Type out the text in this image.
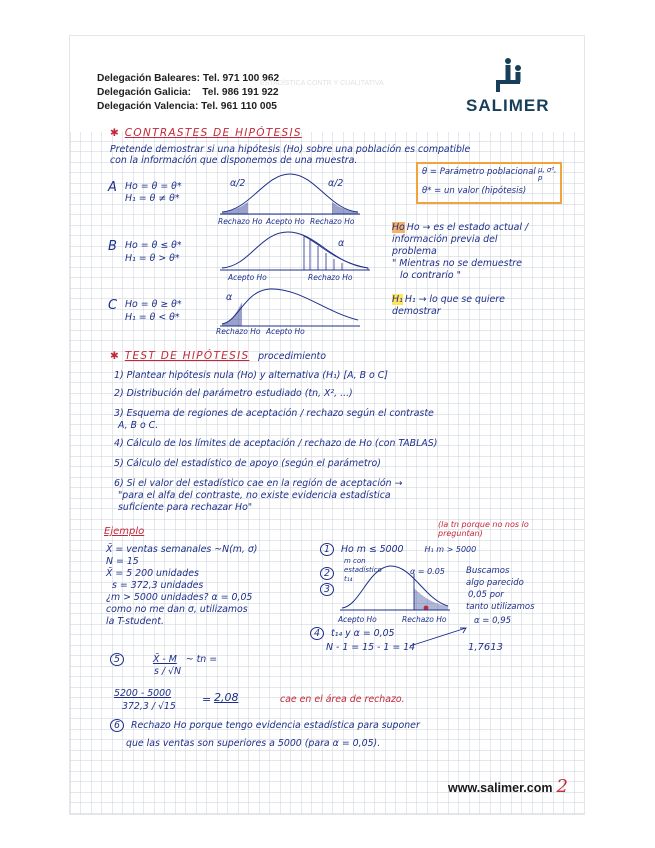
Delegación Baleares: Tel. 971 100 962
Delegación Galicia:    Tel. 986 191 922
Delegación Valencia: Tel. 961 110 005
ESTADÍSTICA CONTR Y CUALITATIVA
SALIMER
✱ CONTRASTES DE HIPÓTESIS
Pretende demostrar si una hipótesis (Ho) sobre una población es compatible
con la información que disponemos de una muestra.
θ = Parámetro poblacional μ, σ², p
θ* = un valor (hipótesis)
A Ho = θ = θ*
H₁ = θ ≠ θ*
α/2	α/2
Rechazo Ho Acepto Ho Rechazo Ho
Ho Ho → es el estado actual /
información previa del
problema
" Mientras no se demuestre
lo contrario "
B Ho = θ ≤ θ*
H₁ = θ > θ*
α
Acepto Ho	Rechazo Ho
H₁ H₁ → lo que se quiere
demostrar
C Ho = θ ≥ θ*
H₁ = θ < θ*
α
Rechazo Ho Acepto Ho
✱ TEST DE HIPÓTESIS procedimiento
1) Plantear hipótesis nula (Ho) y alternativa (H₁) [A, B o C]
2) Distribución del parámetro estudiado (tn, X², ...)
3) Esquema de regiones de aceptación / rechazo según el contraste
A, B o C.
4) Cálculo de los límites de aceptación / rechazo de Ho (con TABLAS)
5) Cálculo del estadístico de apoyo (según el parámetro)
6) Si el valor del estadístico cae en la región de aceptación →
"para el alfa del contraste, no existe evidencia estadística
suficiente para rechazar Ho"
Ejemplo
(la tn porque no nos lo preguntan)
X̄ = ventas semanales ~N(m, σ)
N = 15
X̄ = 5 200 unidades
s = 372,3 unidades
¿m > 5000 unidades? α = 0,05
como no me dan σ, utilizamos
la T-student.
1 Ho m ≤ 5000	H₁ m > 5000
2
3
m con
estadístico
t₁₄
α = 0.05
Acepto Ho	Rechazo Ho
Buscamos
algo parecido
0,05 por
tanto utilizamos
α = 0,95
4 t₁₄ y α = 0,05
N - 1 = 15 - 1 = 14	1,7613
5	X̄ - M ~ tn =
s / √N
5200 - 5000
372,3 / √15
= 2,08	cae en el área de rechazo.
6 Rechazo Ho porque tengo evidencia estadística para suponer
que las ventas son superiores a 5000 (para α = 0,05).
www.salimer.com 2
